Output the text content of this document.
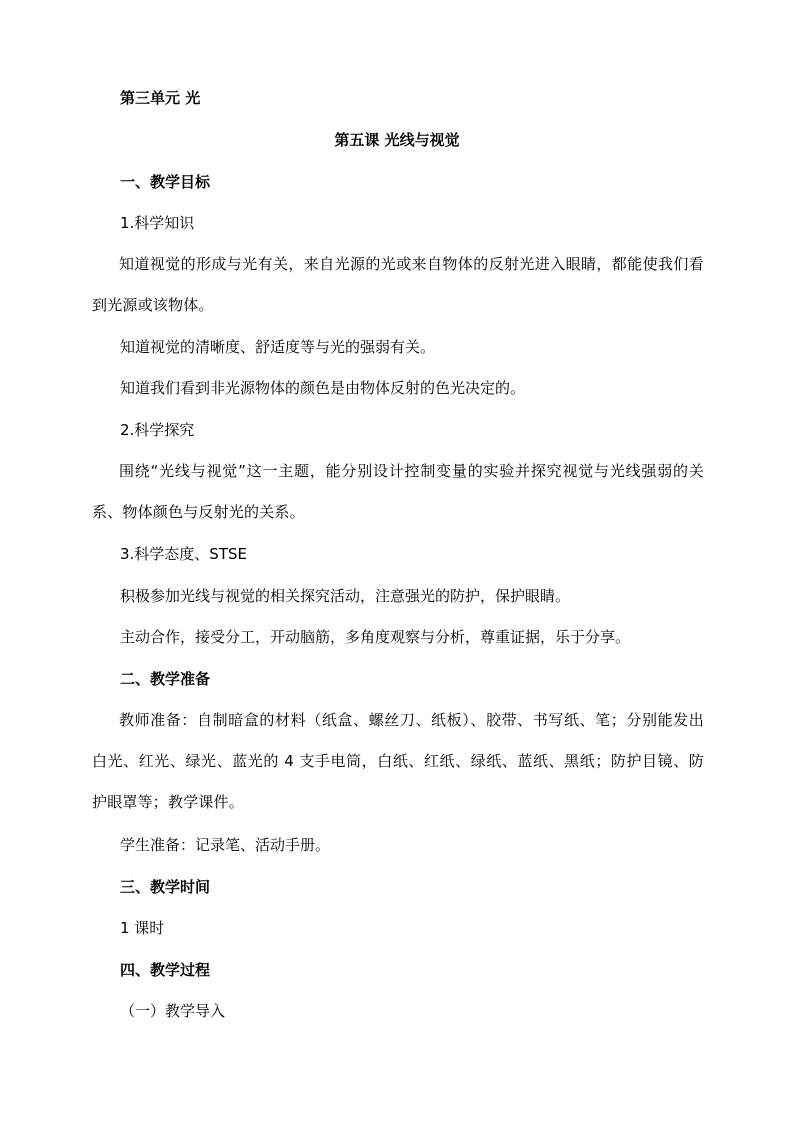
第三单元 光
第五课 光线与视觉
一、教学目标
1.科学知识
知道视觉的形成与光有关，来自光源的光或来自物体的反射光进入眼睛，都能使我们看到光源或该物体。
知道视觉的清晰度、舒适度等与光的强弱有关。
知道我们看到非光源物体的颜色是由物体反射的色光决定的。
2.科学探究
围绕“光线与视觉”这一主题，能分别设计控制变量的实验并探究视觉与光线强弱的关系、物体颜色与反射光的关系。
3.科学态度、STSE
积极参加光线与视觉的相关探究活动，注意强光的防护，保护眼睛。
主动合作，接受分工，开动脑筋，多角度观察与分析，尊重证据，乐于分享。
二、教学准备
教师准备：自制暗盒的材料（纸盒、螺丝刀、纸板）、胶带、书写纸、笔；分别能发出白光、红光、绿光、蓝光的 4 支手电筒，白纸、红纸、绿纸、蓝纸、黑纸；防护目镜、防护眼罩等；教学课件。
学生准备：记录笔、活动手册。
三、教学时间
1 课时
四、教学过程
（一）教学导入
